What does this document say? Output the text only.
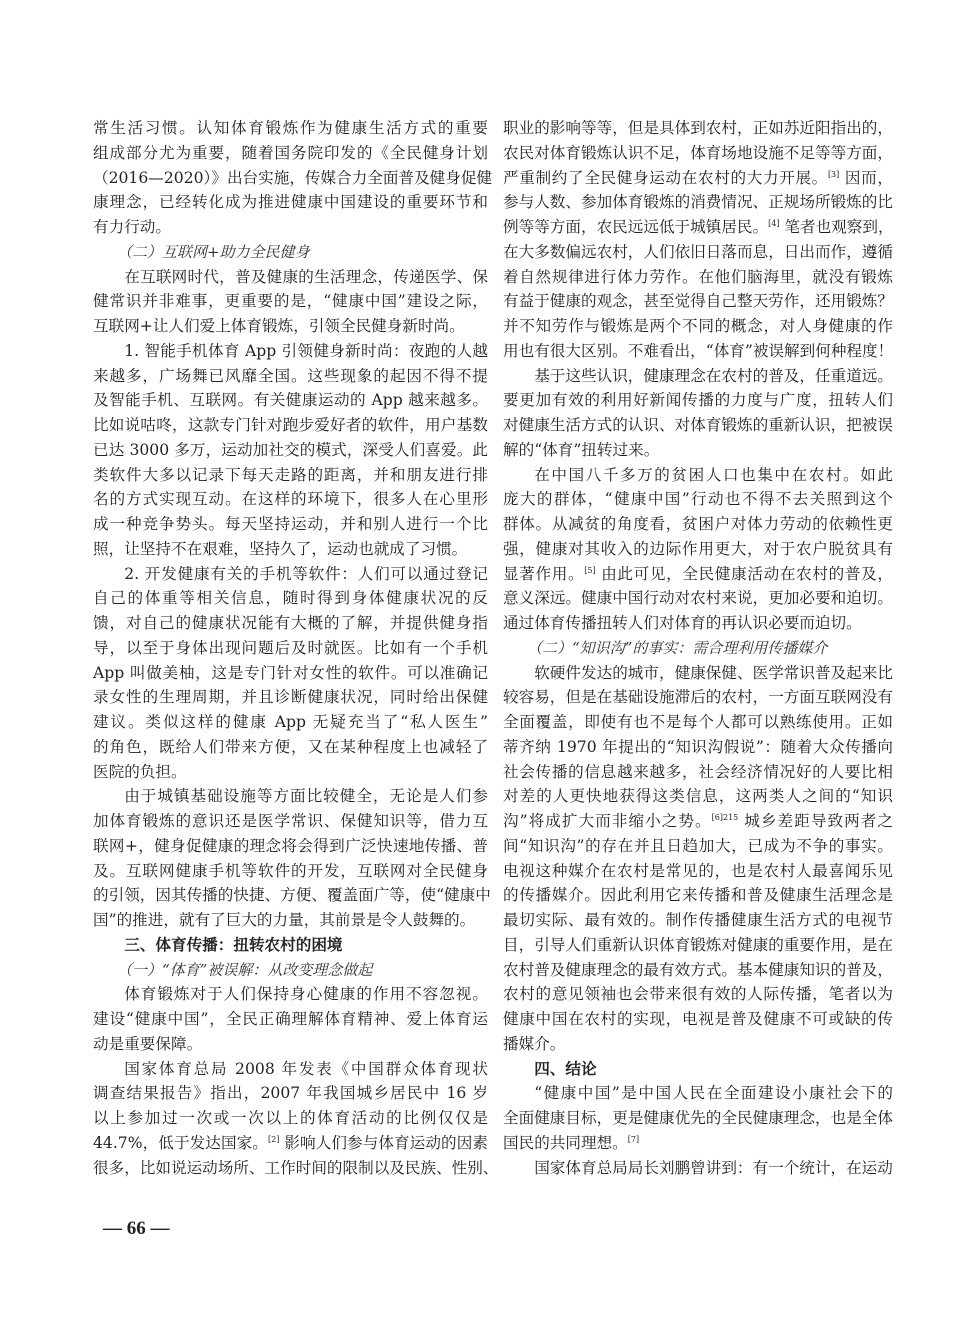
常生活习惯。认知体育锻炼作为健康生活方式的重要
组成部分尤为重要，随着国务院印发的《全民健身计划
（2016—2020）》出台实施，传媒合力全面普及健身促健
康理念，已经转化成为推进健康中国建设的重要环节和
有力行动。
（二）互联网+助力全民健身
在互联网时代，普及健康的生活理念，传递医学、保
健常识并非难事，更重要的是，“健康中国”建设之际，
互联网+让人们爱上体育锻炼，引领全民健身新时尚。
1. 智能手机体育 App 引领健身新时尚：夜跑的人越
来越多，广场舞已风靡全国。这些现象的起因不得不提
及智能手机、互联网。有关健康运动的 App 越来越多。
比如说咕咚，这款专门针对跑步爱好者的软件，用户基数
已达 3000 多万，运动加社交的模式，深受人们喜爱。此
类软件大多以记录下每天走路的距离，并和朋友进行排
名的方式实现互动。在这样的环境下，很多人在心里形
成一种竞争势头。每天坚持运动，并和别人进行一个比
照，让坚持不在艰难，坚持久了，运动也就成了习惯。
2. 开发健康有关的手机等软件：人们可以通过登记
自己的体重等相关信息，随时得到身体健康状况的反
馈，对自己的健康状况能有大概的了解，并提供健身指
导，以至于身体出现问题后及时就医。比如有一个手机
App 叫做美柚，这是专门针对女性的软件。可以准确记
录女性的生理周期，并且诊断健康状况，同时给出保健
建议。类似这样的健康 App 无疑充当了“私人医生”
的角色，既给人们带来方便，又在某种程度上也减轻了
医院的负担。
由于城镇基础设施等方面比较健全，无论是人们参
加体育锻炼的意识还是医学常识、保健知识等，借力互
联网+，健身促健康的理念将会得到广泛快速地传播、普
及。互联网健康手机等软件的开发，互联网对全民健身
的引领，因其传播的快捷、方便、覆盖面广等，使“健康中
国”的推进，就有了巨大的力量，其前景是令人鼓舞的。
三、体育传播：扭转农村的困境
（一）“体育”被误解：从改变理念做起
体育锻炼对于人们保持身心健康的作用不容忽视。
建设“健康中国”，全民正确理解体育精神、爱上体育运
动是重要保障。
国家体育总局 2008 年发表《中国群众体育现状
调查结果报告》指出，2007 年我国城乡居民中 16 岁
以上参加过一次或一次以上的体育活动的比例仅仅是
44.7%，低于发达国家。[2] 影响人们参与体育运动的因素
很多，比如说运动场所、工作时间的限制以及民族、性别、
职业的影响等等，但是具体到农村，正如苏近阳指出的，
农民对体育锻炼认识不足，体育场地设施不足等等方面，
严重制约了全民健身运动在农村的大力开展。[3] 因而，
参与人数、参加体育锻炼的消费情况、正规场所锻炼的比
例等等方面，农民远远低于城镇居民。[4] 笔者也观察到，
在大多数偏远农村，人们依旧日落而息，日出而作，遵循
着自然规律进行体力劳作。在他们脑海里，就没有锻炼
有益于健康的观念，甚至觉得自己整天劳作，还用锻炼？
并不知劳作与锻炼是两个不同的概念，对人身健康的作
用也有很大区别。不难看出，“体育”被误解到何种程度！
基于这些认识，健康理念在农村的普及，任重道远。
要更加有效的利用好新闻传播的力度与广度，扭转人们
对健康生活方式的认识、对体育锻炼的重新认识，把被误
解的“体育”扭转过来。
在中国八千多万的贫困人口也集中在农村。如此
庞大的群体，“健康中国”行动也不得不去关照到这个
群体。从减贫的角度看，贫困户对体力劳动的依赖性更
强，健康对其收入的边际作用更大，对于农户脱贫具有
显著作用。[5] 由此可见，全民健康活动在农村的普及，
意义深远。健康中国行动对农村来说，更加必要和迫切。
通过体育传播扭转人们对体育的再认识必要而迫切。
（二）“知识沟”的事实：需合理利用传播媒介
软硬件发达的城市，健康保健、医学常识普及起来比
较容易，但是在基础设施滞后的农村，一方面互联网没有
全面覆盖，即使有也不是每个人都可以熟练使用。正如
蒂齐纳 1970 年提出的“知识沟假说”：随着大众传播向
社会传播的信息越来越多，社会经济情况好的人要比相
对差的人更快地获得这类信息，这两类人之间的“知识
沟”将成扩大而非缩小之势。$^{[6]215}$ 城乡差距导致两者之
间“知识沟”的存在并且日趋加大，已成为不争的事实。
电视这种媒介在农村是常见的，也是农村人最喜闻乐见
的传播媒介。因此利用它来传播和普及健康生活理念是
最切实际、最有效的。制作传播健康生活方式的电视节
目，引导人们重新认识体育锻炼对健康的重要作用，是在
农村普及健康理念的最有效方式。基本健康知识的普及，
农村的意见领袖也会带来很有效的人际传播，笔者以为
健康中国在农村的实现，电视是普及健康不可或缺的传
播媒介。
四、结论
“健康中国”是中国人民在全面建设小康社会下的
全面健康目标，更是健康优先的全民健康理念，也是全体
国民的共同理想。[7]
国家体育总局局长刘鹏曾讲到：有一个统计，在运动
— 66 —
